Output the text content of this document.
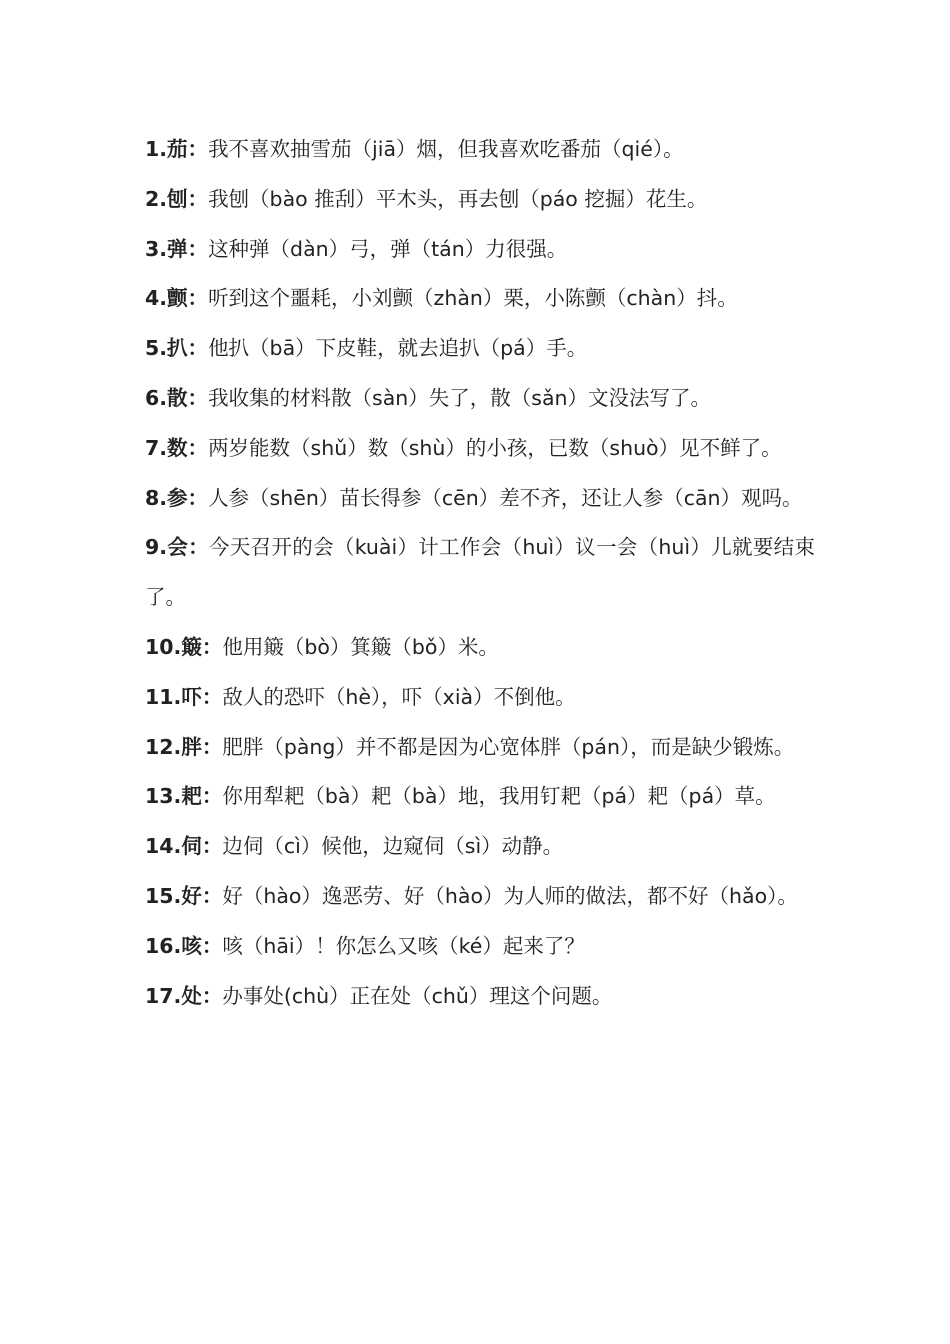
1.茄：我不喜欢抽雪茄（jiā）烟，但我喜欢吃番茄（qié）。

2.刨：我刨（bào 推刮）平木头，再去刨（páo 挖掘）花生。

3.弹：这种弹（dàn）弓，弹（tán）力很强。

4.颤：听到这个噩耗，小刘颤（zhàn）栗，小陈颤（chàn）抖。

5.扒：他扒（bā）下皮鞋，就去追扒（pá）手。

6.散：我收集的材料散（sàn）失了，散（sǎn）文没法写了。

7.数：两岁能数（shǔ）数（shù）的小孩，已数（shuò）见不鲜了。

8.参：人参（shēn）苗长得参（cēn）差不齐，还让人参（cān）观吗。

9.会：今天召开的会（kuài）计工作会（huì）议一会（huì）儿就要结束了。

10.簸：他用簸（bò）箕簸（bǒ）米。

11.吓：敌人的恐吓（hè），吓（xià）不倒他。

12.胖：肥胖（pàng）并不都是因为心宽体胖（pán），而是缺少锻炼。

13.耙：你用犁耙（bà）耙（bà）地，我用钉耙（pá）耙（pá）草。

14.伺：边伺（cì）候他，边窥伺（sì）动静。

15.好：好（hào）逸恶劳、好（hào）为人师的做法，都不好（hǎo）。

16.咳：咳（hāi）！你怎么又咳（ké）起来了？

17.处：办事处(chù）正在处（chǔ）理这个问题。
